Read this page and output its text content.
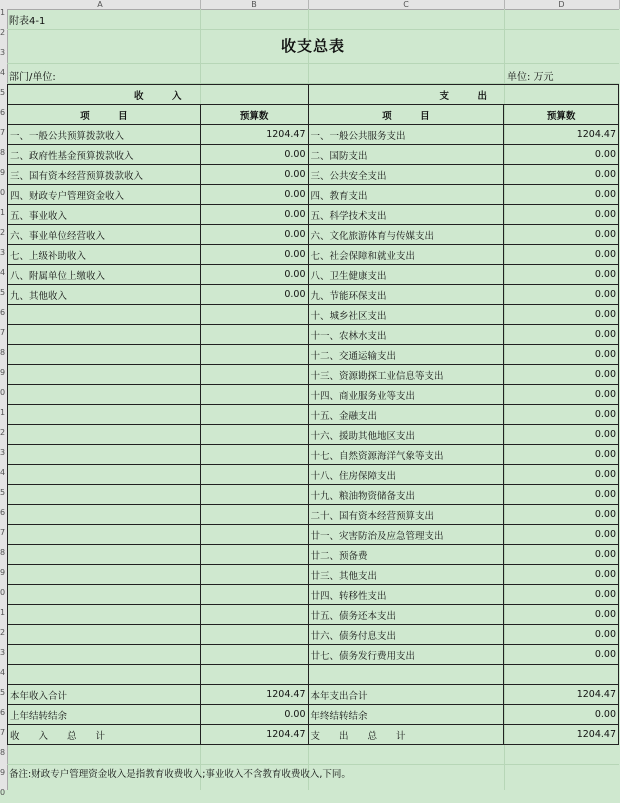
A	B	C	D
1
2
3
4
5
6
7
8
9
0
1
2
3
4
5
6
7
8
9
0
1
2
3
4
5
6
7
8
9
0
1
2
3
4
5
6
7
8
9
0
附表4-1
收支总表
部门/单位:	单位: 万元
收　　　入		支　　　出	
项　　　目	预算数	项　　　目	预算数
一、一般公共预算拨款收入	1204.47	一、一般公共服务支出	1204.47
二、政府性基金预算拨款收入	0.00	二、国防支出	0.00
三、国有资本经营预算拨款收入	0.00	三、公共安全支出	0.00
四、财政专户管理资金收入	0.00	四、教育支出	0.00
五、事业收入	0.00	五、科学技术支出	0.00
六、事业单位经营收入	0.00	六、文化旅游体育与传媒支出	0.00
七、上级补助收入	0.00	七、社会保障和就业支出	0.00
八、附属单位上缴收入	0.00	八、卫生健康支出	0.00
九、其他收入	0.00	九、节能环保支出	0.00
		十、城乡社区支出	0.00
		十一、农林水支出	0.00
		十二、交通运输支出	0.00
		十三、资源勘探工业信息等支出	0.00
		十四、商业服务业等支出	0.00
		十五、金融支出	0.00
		十六、援助其他地区支出	0.00
		十七、自然资源海洋气象等支出	0.00
		十八、住房保障支出	0.00
		十九、粮油物资储备支出	0.00
		二十、国有资本经营预算支出	0.00
		廿一、灾害防治及应急管理支出	0.00
		廿二、预备费	0.00
		廿三、其他支出	0.00
		廿四、转移性支出	0.00
		廿五、债务还本支出	0.00
		廿六、债务付息支出	0.00
		廿七、债务发行费用支出	0.00

本年收入合计	1204.47	本年支出合计	1204.47
上年结转结余	0.00	年终结转结余	0.00
收　　入　　总　　计	1204.47	支　　出　　总　　计	1204.47
备注:财政专户管理资金收入是指教育收费收入;事业收入不含教育收费收入,下同。
